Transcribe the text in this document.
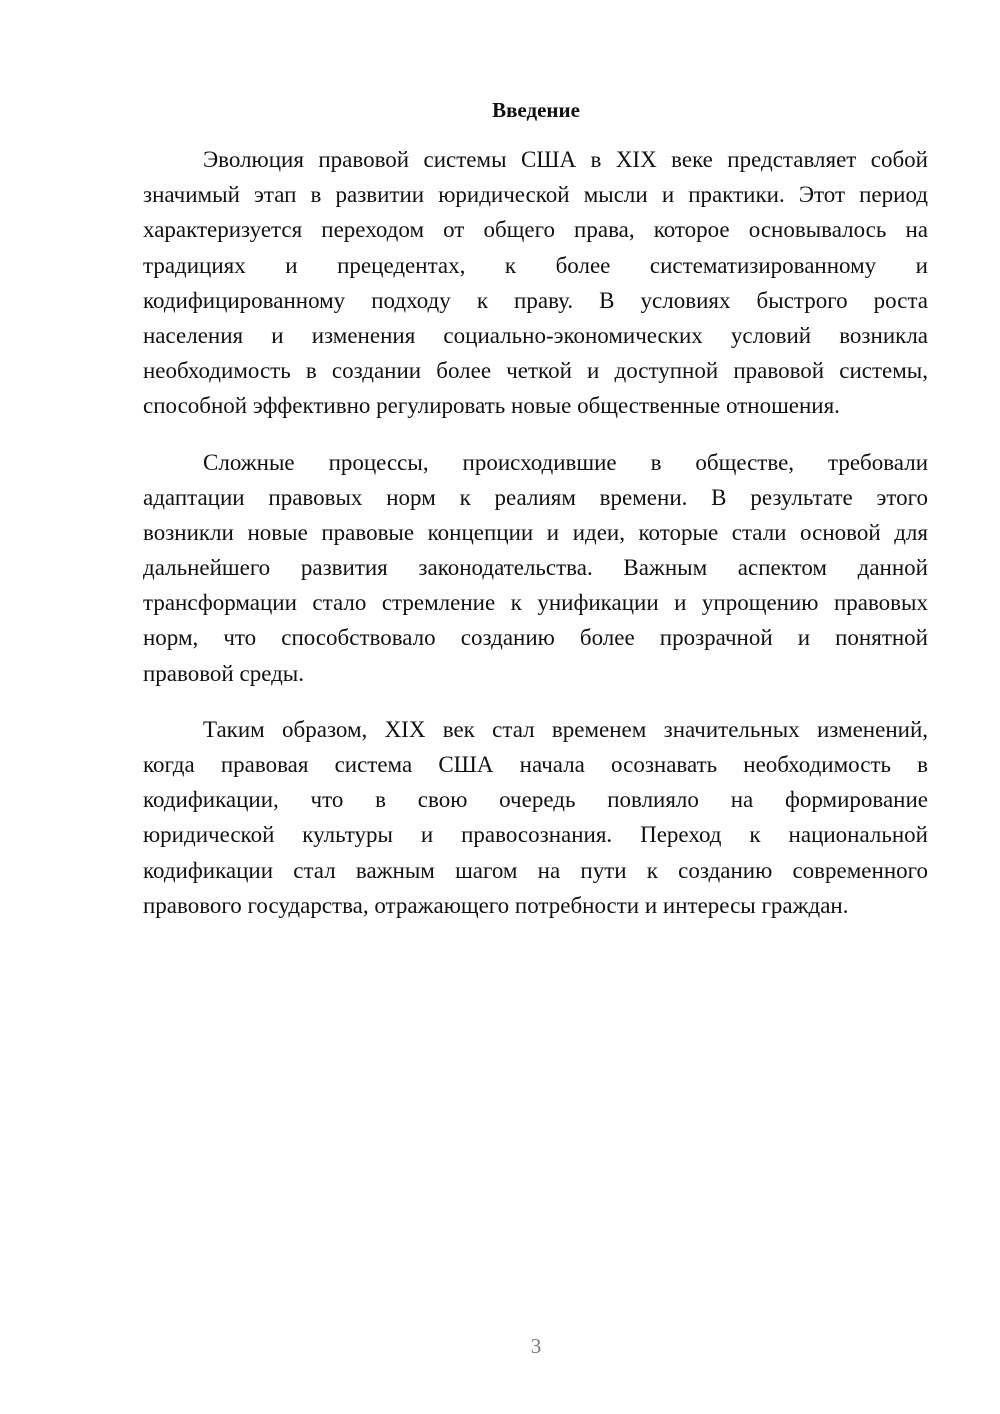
Введение
Эволюция правовой системы США в XIX веке представляет собой
значимый этап в развитии юридической мысли и практики. Этот период
характеризуется переходом от общего права, которое основывалось на
традициях и прецедентах, к более систематизированному и
кодифицированному подходу к праву. В условиях быстрого роста
населения и изменения социально-экономических условий возникла
необходимость в создании более четкой и доступной правовой системы,
способной эффективно регулировать новые общественные отношения.
Сложные процессы, происходившие в обществе, требовали
адаптации правовых норм к реалиям времени. В результате этого
возникли новые правовые концепции и идеи, которые стали основой для
дальнейшего развития законодательства. Важным аспектом данной
трансформации стало стремление к унификации и упрощению правовых
норм, что способствовало созданию более прозрачной и понятной
правовой среды.
Таким образом, XIX век стал временем значительных изменений,
когда правовая система США начала осознавать необходимость в
кодификации, что в свою очередь повлияло на формирование
юридической культуры и правосознания. Переход к национальной
кодификации стал важным шагом на пути к созданию современного
правового государства, отражающего потребности и интересы граждан.
3
